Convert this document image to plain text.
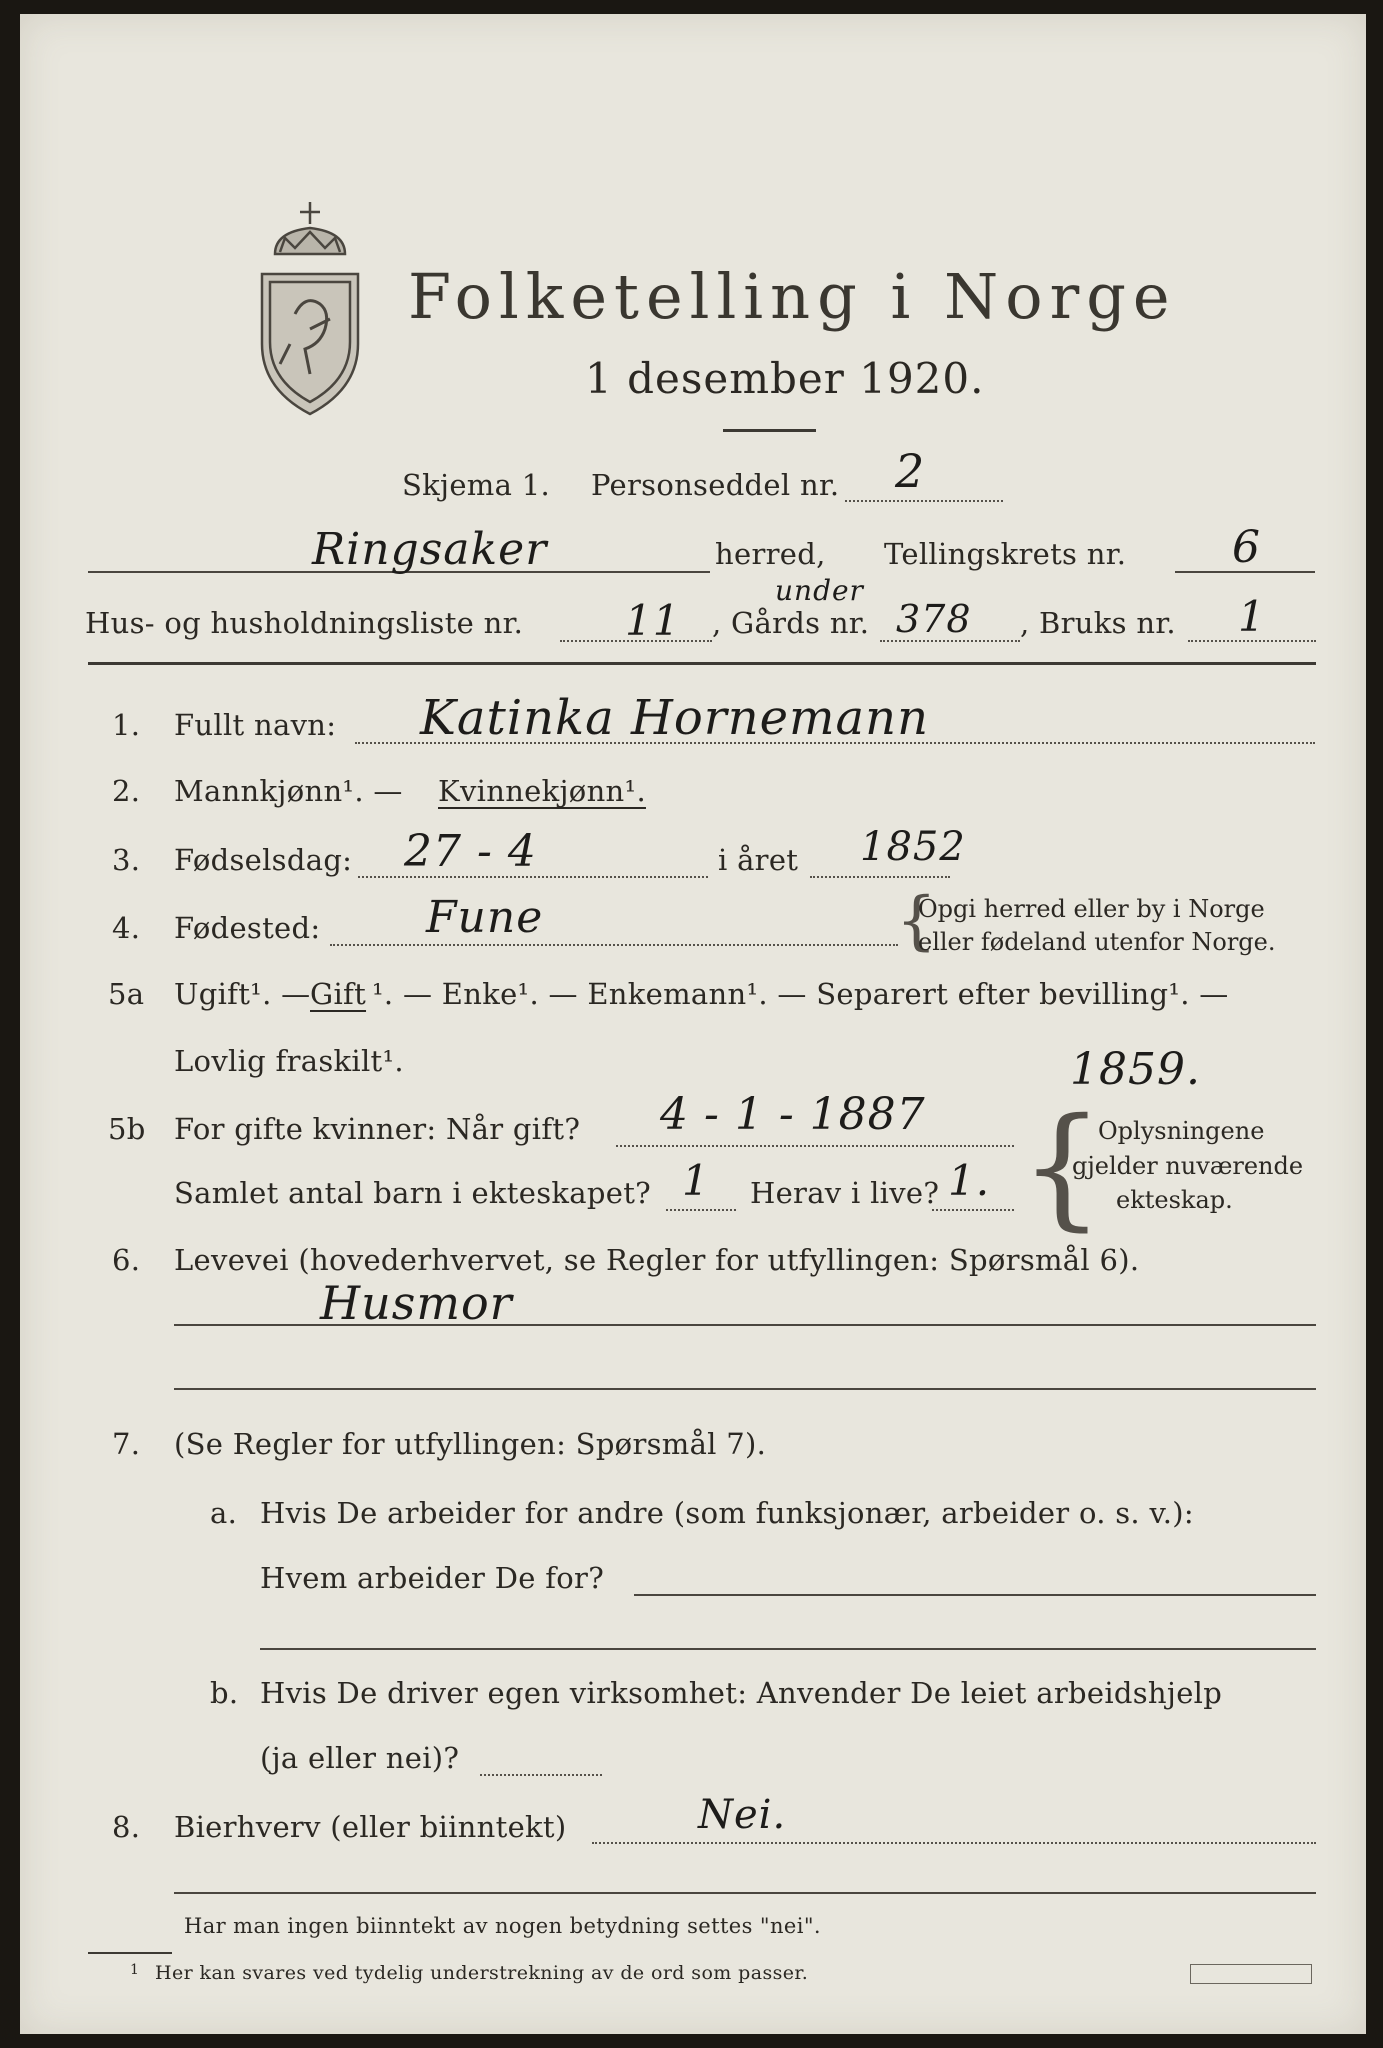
Folketelling i Norge
1 desember 1920.
Skjema 1. Personseddel nr. 2
Ringsaker	herred, Tellingskrets nr. 6
Hus- og husholdningsliste nr. 11 , Gårds nr.
under
378 , Bruks nr. 1
1. Fullt navn: Katinka Hornemann
2. Mannkjønn¹. — Kvinnekjønn¹.
3. Fødselsdag: 27 - 4	i året 1852
4. Fødested: Fune	{
Opgi herred eller by i Norge
eller fødeland utenfor Norge.
5a Ugift¹. — Gift ¹. — Enke¹. — Enkemann¹. — Separert efter bevilling¹. —
Lovlig fraskilt¹.
5b For gifte kvinner: Når gift? 4 - 1 - 1887
1859.
Samlet antal barn i ekteskapet? 1 Herav i live? 1. {
Oplysningene
gjelder nuværende
ekteskap.
6. Levevei (hovederhvervet, se Regler for utfyllingen: Spørsmål 6).
Husmor
7. (Se Regler for utfyllingen: Spørsmål 7).
a. Hvis De arbeider for andre (som funksjonær, arbeider o. s. v.):
Hvem arbeider De for?
b. Hvis De driver egen virksomhet: Anvender De leiet arbeidshjelp
(ja eller nei)?
8. Bierhverv (eller biinntekt)	Nei.
Har man ingen biinntekt av nogen betydning settes "nei".
1 Her kan svares ved tydelig understrekning av de ord som passer.
